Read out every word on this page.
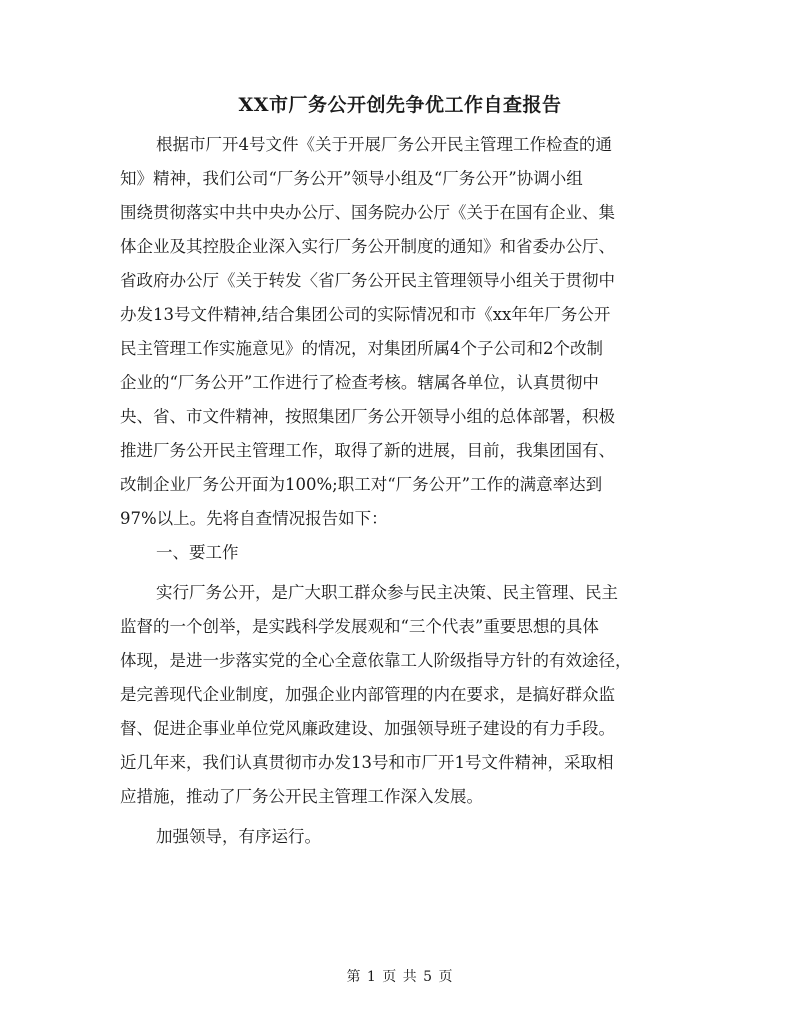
XX市厂务公开创先争优工作自查报告
根据市厂开4号文件《关于开展厂务公开民主管理工作检查的通
知》精神，我们公司“厂务公开”领导小组及“厂务公开”协调小组
围绕贯彻落实中共中央办公厅、国务院办公厅《关于在国有企业、集
体企业及其控股企业深入实行厂务公开制度的通知》和省委办公厅、
省政府办公厅《关于转发〈省厂务公开民主管理领导小组关于贯彻中
办发13号文件精神,结合集团公司的实际情况和市《xx年年厂务公开
民主管理工作实施意见》的情况，对集团所属4个子公司和2个改制
企业的“厂务公开”工作进行了检查考核。辖属各单位，认真贯彻中
央、省、市文件精神，按照集团厂务公开领导小组的总体部署，积极
推进厂务公开民主管理工作，取得了新的进展，目前，我集团国有、
改制企业厂务公开面为100%;职工对“厂务公开”工作的满意率达到
97%以上。先将自查情况报告如下：
一、要工作
实行厂务公开，是广大职工群众参与民主决策、民主管理、民主
监督的一个创举，是实践科学发展观和“三个代表”重要思想的具体
体现，是进一步落实党的全心全意依靠工人阶级指导方针的有效途径，
是完善现代企业制度，加强企业内部管理的内在要求，是搞好群众监
督、促进企事业单位党风廉政建设、加强领导班子建设的有力手段。
近几年来，我们认真贯彻市办发13号和市厂开1号文件精神，采取相
应措施，推动了厂务公开民主管理工作深入发展。
加强领导，有序运行。
第 1 页 共 5 页
